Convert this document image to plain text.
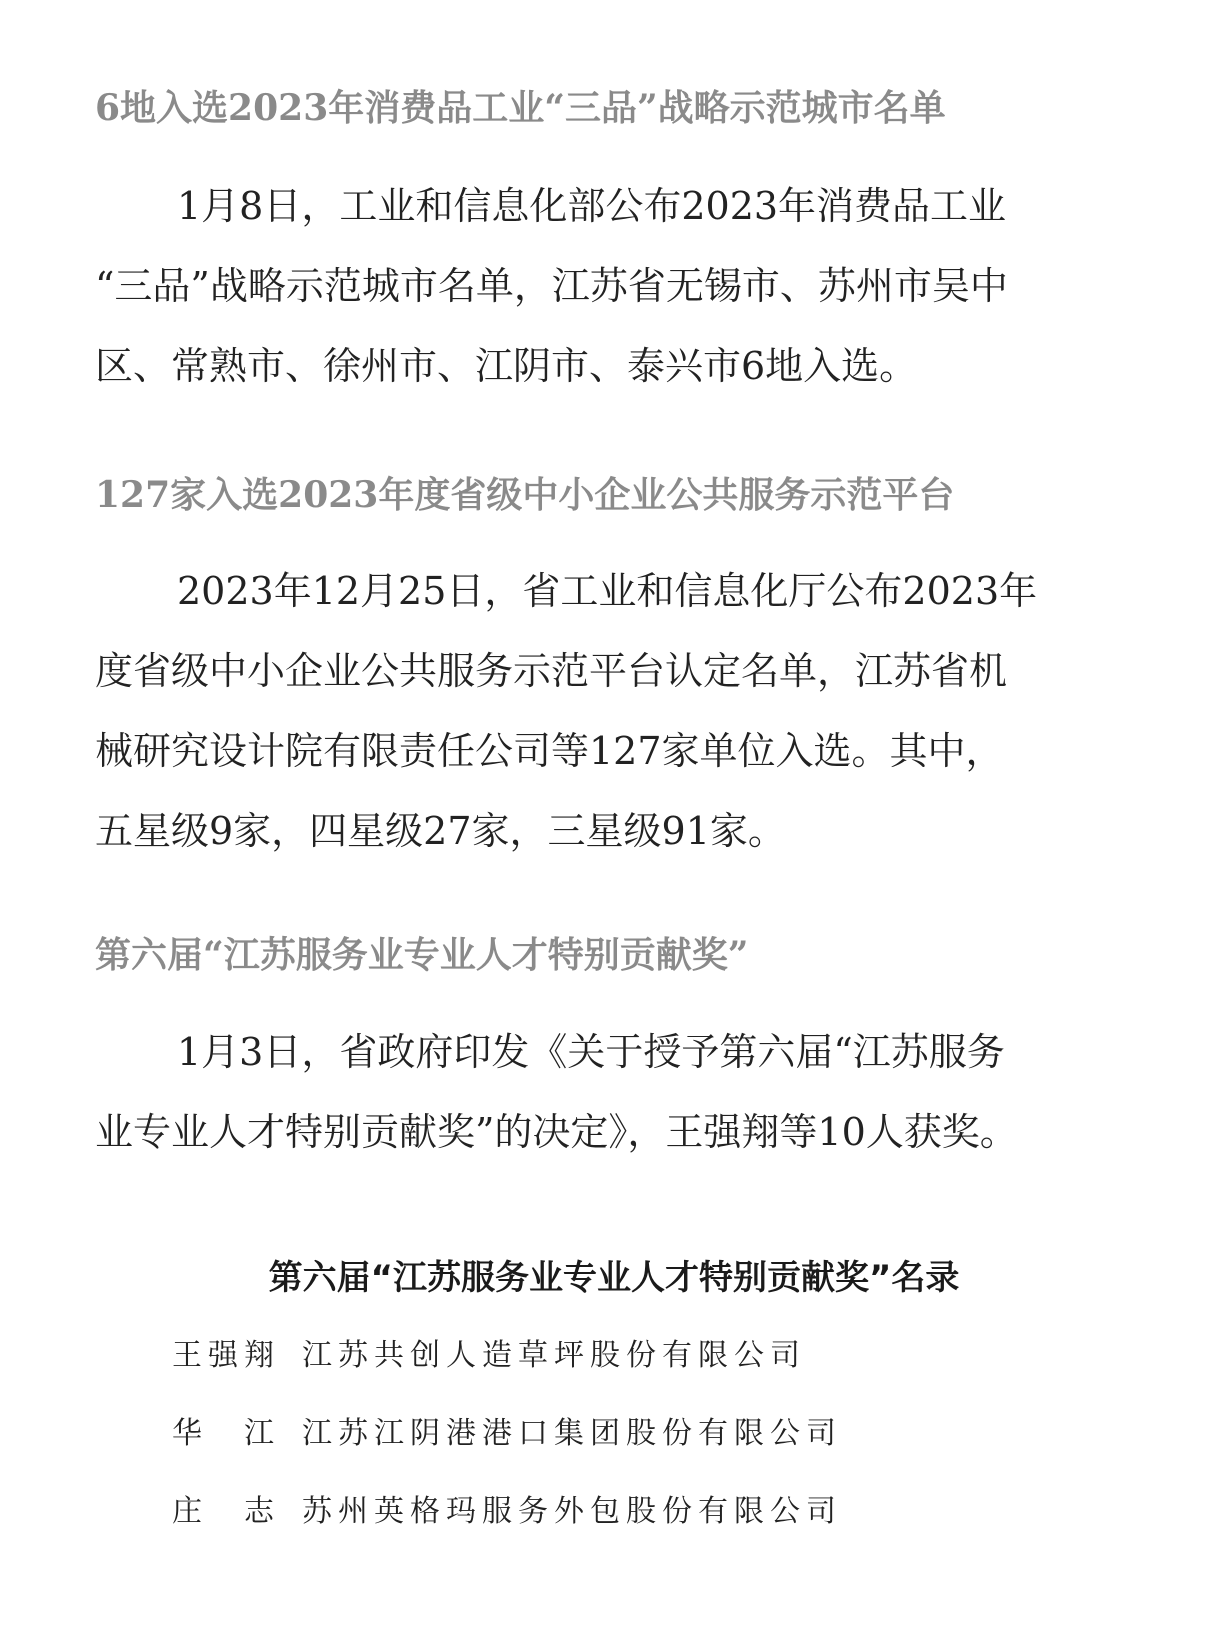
6地入选2023年消费品工业“三品”战略示范城市名单
1月8日，工业和信息化部公布2023年消费品工业
“三品”战略示范城市名单，江苏省无锡市、苏州市吴中
区、常熟市、徐州市、江阴市、泰兴市6地入选。
127家入选2023年度省级中小企业公共服务示范平台
2023年12月25日，省工业和信息化厅公布2023年
度省级中小企业公共服务示范平台认定名单，江苏省机
械研究设计院有限责任公司等127家单位入选。其中，
五星级9家，四星级27家，三星级91家。
第六届“江苏服务业专业人才特别贡献奖”
1月3日，省政府印发《关于授予第六届“江苏服务
业专业人才特别贡献奖”的决定》，王强翔等10人获奖。
第六届“江苏服务业专业人才特别贡献奖”名录
王强翔 江苏共创人造草坪股份有限公司
华　江 江苏江阴港港口集团股份有限公司
庄　志 苏州英格玛服务外包股份有限公司
